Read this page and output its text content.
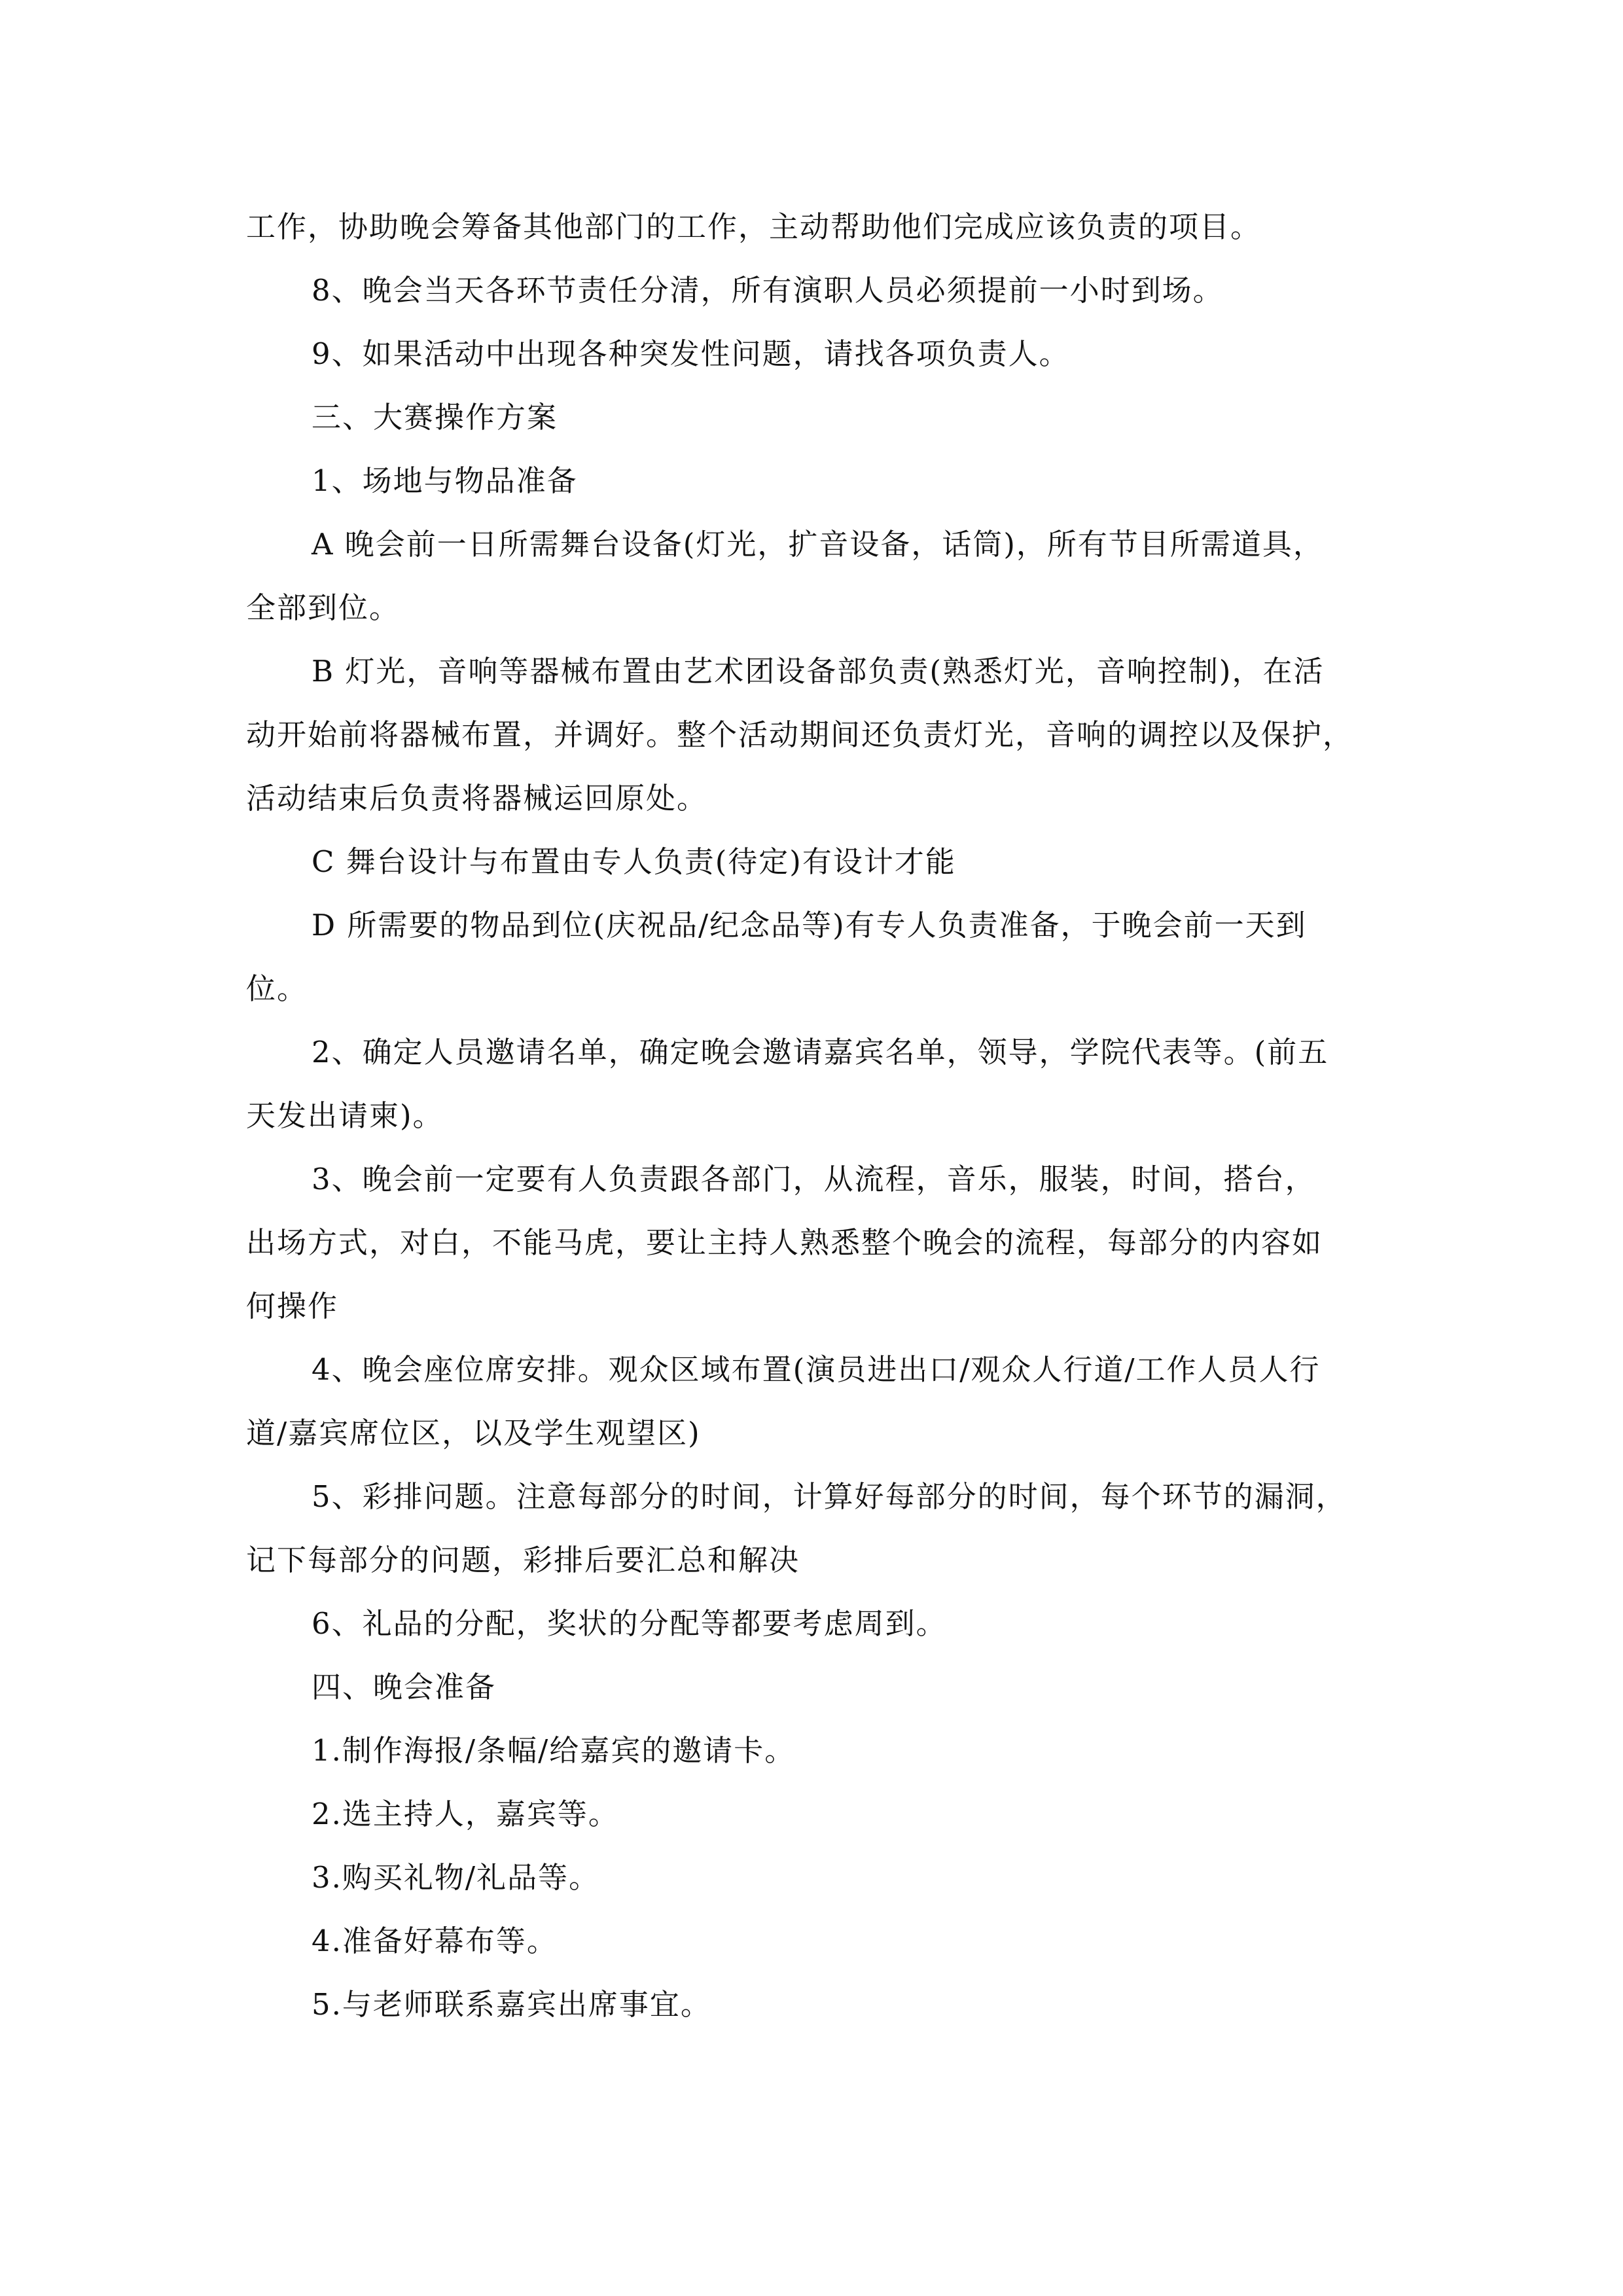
工作，协助晚会筹备其他部门的工作，主动帮助他们完成应该负责的项目。
8、晚会当天各环节责任分清，所有演职人员必须提前一小时到场。
9、如果活动中出现各种突发性问题，请找各项负责人。
三、大赛操作方案
1、场地与物品准备
A 晚会前一日所需舞台设备(灯光，扩音设备，话筒)，所有节目所需道具，
全部到位。
B 灯光，音响等器械布置由艺术团设备部负责(熟悉灯光，音响控制)，在活
动开始前将器械布置，并调好。整个活动期间还负责灯光，音响的调控以及保护，
活动结束后负责将器械运回原处。
C 舞台设计与布置由专人负责(待定)有设计才能
D 所需要的物品到位(庆祝品/纪念品等)有专人负责准备，于晚会前一天到
位。
2、确定人员邀请名单，确定晚会邀请嘉宾名单，领导，学院代表等。(前五
天发出请柬)。
3、晚会前一定要有人负责跟各部门，从流程，音乐，服装，时间，搭台，
出场方式，对白，不能马虎，要让主持人熟悉整个晚会的流程，每部分的内容如
何操作
4、晚会座位席安排。观众区域布置(演员进出口/观众人行道/工作人员人行
道/嘉宾席位区，以及学生观望区)
5、彩排问题。注意每部分的时间，计算好每部分的时间，每个环节的漏洞，
记下每部分的问题，彩排后要汇总和解决
6、礼品的分配，奖状的分配等都要考虑周到。
四、晚会准备
1.制作海报/条幅/给嘉宾的邀请卡。
2.选主持人，嘉宾等。
3.购买礼物/礼品等。
4.准备好幕布等。
5.与老师联系嘉宾出席事宜。
